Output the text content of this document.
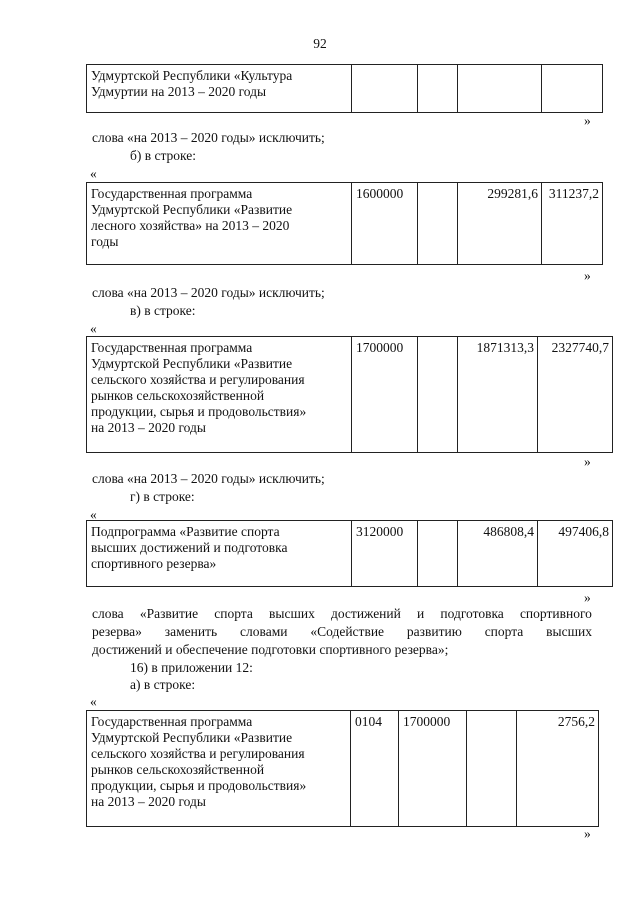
92
Удмуртской Республики «Культура
Удмуртии на 2013 – 2020 годы

»
слова «на 2013 – 2020 годы» исключить;
б) в строке:
«
Государственная программа
Удмуртской Республики «Развитие
лесного хозяйства» на 2013 – 2020
годы
	1600000		299281,6	311237,2
»
слова «на 2013 – 2020 годы» исключить;
в) в строке:
«
Государственная программа
Удмуртской Республики «Развитие
сельского хозяйства и регулирования
рынков сельскохозяйственной
продукции, сырья и продовольствия»
на 2013 – 2020 годы
	1700000		1871313,3	2327740,7
»
слова «на 2013 – 2020 годы» исключить;
г) в строке:
«
Подпрограмма «Развитие спорта
высших достижений и подготовка
спортивного резерва»
	3120000		486808,4	497406,8
»
слова «Развитие спорта высших достижений и подготовка спортивного
резерва» заменить словами «Содействие развитию спорта высших
достижений и обеспечение подготовки спортивного резерва»;
16) в приложении 12:
а) в строке:
«
Государственная программа
Удмуртской Республики «Развитие
сельского хозяйства и регулирования
рынков сельскохозяйственной
продукции, сырья и продовольствия»
на 2013 – 2020 годы
	0104	1700000		2756,2
»
